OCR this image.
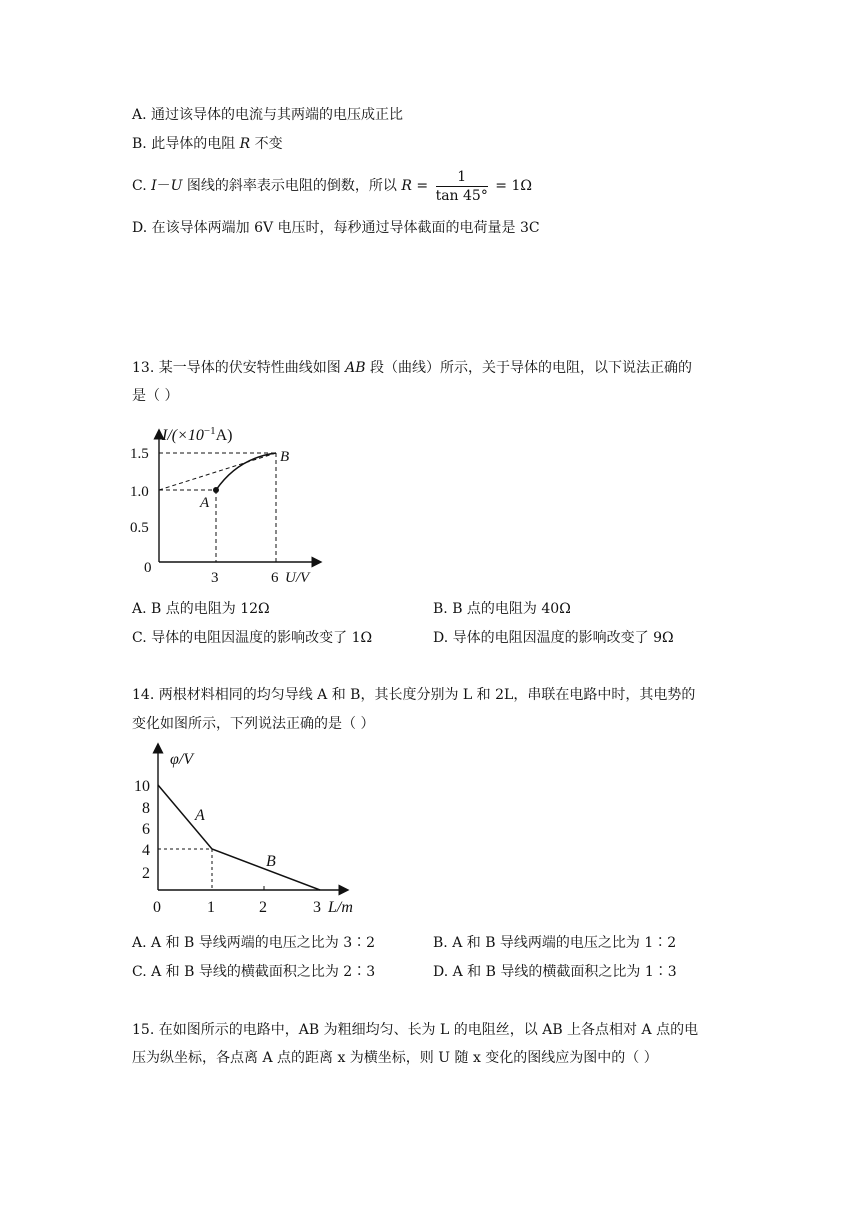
A. 通过该导体的电流与其两端的电压成正比
B. 此导体的电阻 R 不变
C. I－U 图线的斜率表示电阻的倒数，所以 $R = \frac{1}{\tan 45^\circ} = 1\Omega$
D. 在该导体两端加 6V 电压时，每秒通过导体截面的电荷量是 3C
13. 某一导体的伏安特性曲线如图 AB 段（曲线）所示，关于导体的电阻，以下说法正确的
是（ ）
$I/(\times 10^{-1}A)$
1.5
1.0
0.5
0
3	6 U/V
A
B
A. B 点的电阻为 12Ω	B. B 点的电阻为 40Ω
C. 导体的电阻因温度的影响改变了 1Ω	D. 导体的电阻因温度的影响改变了 9Ω
14. 两根材料相同的均匀导线 A 和 B，其长度分别为 L 和 2L，串联在电路中时，其电势的
变化如图所示，下列说法正确的是（ ）
φ/V
10
8
6
4
2
0	1	2	3 L/m
A
B
A. A 和 B 导线两端的电压之比为 3∶2	B. A 和 B 导线两端的电压之比为 1∶2
C. A 和 B 导线的横截面积之比为 2∶3	D. A 和 B 导线的横截面积之比为 1∶3
15. 在如图所示的电路中，AB 为粗细均匀、长为 L 的电阻丝，以 AB 上各点相对 A 点的电
压为纵坐标，各点离 A 点的距离 x 为横坐标，则 U 随 x 变化的图线应为图中的（ ）
